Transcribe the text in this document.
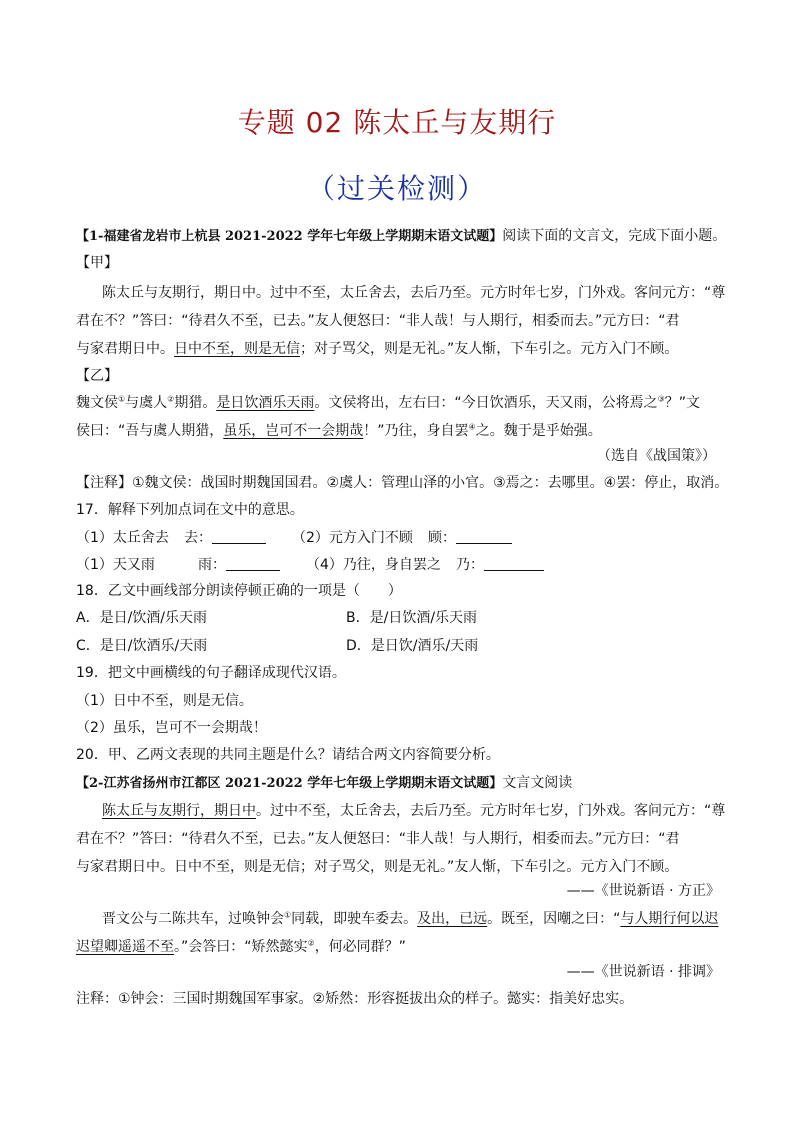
专题 02 陈太丘与友期行
（过关检测）
【1-福建省龙岩市上杭县 2021-2022 学年七年级上学期期末语文试题】阅读下面的文言文，完成下面小题。
【甲】
陈太丘与友期行，期日中。过中不至，太丘舍去，去后乃至。元方时年七岁，门外戏。客问元方：“尊
君在不？”答曰：“待君久不至，已去。”友人便怒曰：“非人哉！与人期行，相委而去。”元方曰：“君
与家君期日中。日中不至，则是无信；对子骂父，则是无礼。”友人惭，下车引之。元方入门不顾。
【乙】
魏文侯①与虞人②期猎。是日饮酒乐天雨。文侯将出，左右曰：“今日饮酒乐，天又雨，公将焉之③？”文
侯曰：“吾与虞人期猎，虽乐，岂可不一会期哉！”乃往，身自罢④之。魏于是乎始强。
（选自《战国策》）
【注释】①魏文侯：战国时期魏国国君。②虞人：管理山泽的小官。③焉之：去哪里。④罢：停止，取消。
17．解释下列加点词在文中的意思。
（1）太丘舍去 去：	（2）元方入门不顾 顾：
（1）天又雨	雨：	（4）乃往，身自罢之 乃：
18．乙文中画线部分朗读停顿正确的一项是（　　）
A．是日/饮酒/乐天雨	B．是/日饮酒/乐天雨
C．是日/饮酒乐/天雨	D．是日饮/酒乐/天雨
19．把文中画横线的句子翻译成现代汉语。
（1）日中不至，则是无信。
（2）虽乐，岂可不一会期哉！
20．甲、乙两文表现的共同主题是什么？请结合两文内容简要分析。
【2-江苏省扬州市江都区 2021-2022 学年七年级上学期期末语文试题】文言文阅读
陈太丘与友期行，期日中。过中不至，太丘舍去，去后乃至。元方时年七岁，门外戏。客问元方：“尊
君在不？”答曰：“待君久不至，已去。”友人便怒曰：“非人哉！与人期行，相委而去。”元方曰：“君
与家君期日中。日中不至，则是无信；对子骂父，则是无礼。”友人惭，下车引之。元方入门不顾。
——《世说新语 · 方正》
晋文公与二陈共车，过唤钟会①同载，即驶车委去。及出，已远。既至，因嘲之曰：“与人期行何以迟
迟望卿遥遥不至。”会答曰：“矫然懿实②，何必同群？”
——《世说新语 · 排调》
注释：①钟会：三国时期魏国军事家。②矫然：形容挺拔出众的样子。懿实：指美好忠实。
